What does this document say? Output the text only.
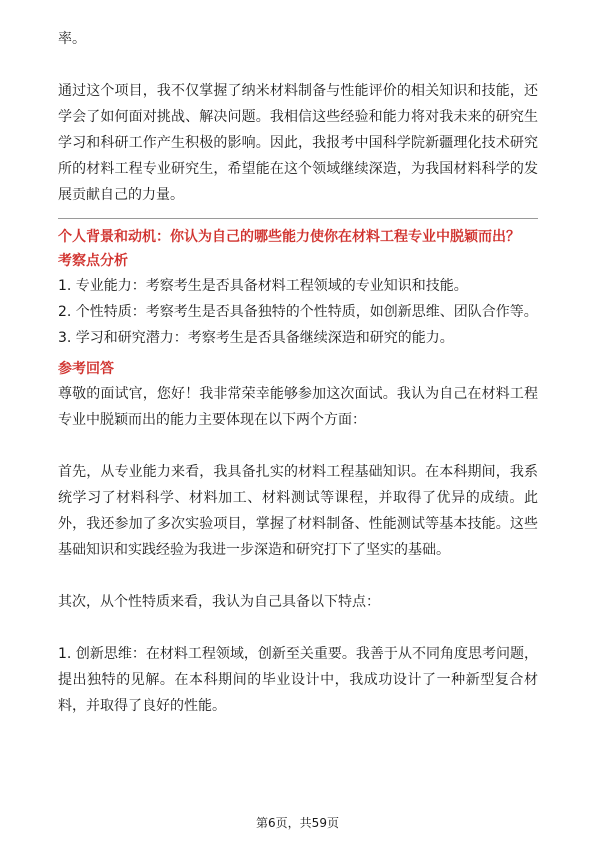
率。

通过这个项目，我不仅掌握了纳米材料制备与性能评价的相关知识和技能，还学会了如何面对挑战、解决问题。我相信这些经验和能力将对我未来的研究生学习和科研工作产生积极的影响。因此，我报考中国科学院新疆理化技术研究所的材料工程专业研究生，希望能在这个领域继续深造，为我国材料科学的发展贡献自己的力量。

个人背景和动机：你认为自己的哪些能力使你在材料工程专业中脱颖而出？
考察点分析
1. 专业能力：考察考生是否具备材料工程领域的专业知识和技能。
2. 个性特质：考察考生是否具备独特的个性特质，如创新思维、团队合作等。
3. 学习和研究潜力：考察考生是否具备继续深造和研究的能力。
参考回答

尊敬的面试官，您好！我非常荣幸能够参加这次面试。我认为自己在材料工程专业中脱颖而出的能力主要体现在以下两个方面：

首先，从专业能力来看，我具备扎实的材料工程基础知识。在本科期间，我系统学习了材料科学、材料加工、材料测试等课程，并取得了优异的成绩。此外，我还参加了多次实验项目，掌握了材料制备、性能测试等基本技能。这些基础知识和实践经验为我进一步深造和研究打下了坚实的基础。

其次，从个性特质来看，我认为自己具备以下特点：

1. 创新思维：在材料工程领域，创新至关重要。我善于从不同角度思考问题，提出独特的见解。在本科期间的毕业设计中，我成功设计了一种新型复合材料，并取得了良好的性能。

第6页，共59页
